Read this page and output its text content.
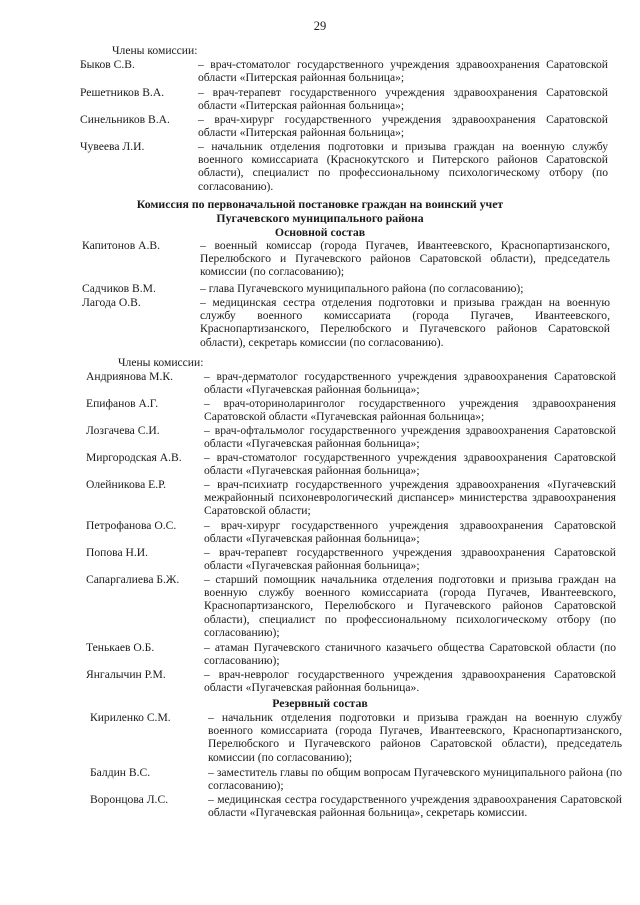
29
Члены комиссии:
Быков С.В.	– врач-стоматолог государственного учреждения здравоохранения Саратовской области «Питерская районная больница»;
Решетников В.А.	– врач-терапевт государственного учреждения здравоохранения Саратовской области «Питерская районная больница»;
Синельников В.А. – врач-хирург государственного учреждения здравоохранения Саратовской области «Питерская районная больница»;
Чувеева Л.И.	– начальник отделения подготовки и призыва граждан на военную службу военного комиссариата (Краснокутского и Питерского районов Саратовской области), специалист по профессиональному психологическому отбору (по согласованию).
Комиссия по первоначальной постановке граждан на воинский учет
Пугачевского муниципального района
Основной состав
Капитонов А.В.	– военный комиссар (города Пугачев, Ивантеевского, Краснопартизанского, Перелюбского и Пугачевского районов Саратовской области), председатель комиссии (по согласованию);
Садчиков В.М.	– глава Пугачевского муниципального района (по согласованию);
Лагода О.В.	– медицинская сестра отделения подготовки и призыва граждан на военную службу военного комиссариата (города Пугачев, Ивантеевского, Краснопартизанского, Перелюбского и Пугачевского районов Саратовской области), секретарь комиссии (по согласованию).
Члены комиссии:
Андриянова М.К.	– врач-дерматолог государственного учреждения здравоохранения Саратовской области «Пугачевская районная больница»;
Епифанов А.Г.	– врач-оториноларинголог государственного учреждения здравоохранения Саратовской области «Пугачевская районная больница»;
Лозгачева С.И.	– врач-офтальмолог государственного учреждения здравоохранения Саратовской области «Пугачевская районная больница»;
Миргородская А.В. – врач-стоматолог государственного учреждения здравоохранения Саратовской области «Пугачевская районная больница»;
Олейникова Е.Р.	– врач-психиатр государственного учреждения здравоохранения «Пугачевский межрайонный психоневрологический диспансер» министерства здравоохранения Саратовской области;
Петрофанова О.С. – врач-хирург государственного учреждения здравоохранения Саратовской области «Пугачевская районная больница»;
Попова Н.И.	– врач-терапевт государственного учреждения здравоохранения Саратовской области «Пугачевская районная больница»;
Сапаргалиева Б.Ж. – старший помощник начальника отделения подготовки и призыва граждан на военную службу военного комиссариата (города Пугачев, Ивантеевского, Краснопартизанского, Перелюбского и Пугачевского районов Саратовской области), специалист по профессиональному психологическому отбору (по согласованию);
Тенькаев О.Б.	– атаман Пугачевского станичного казачьего общества Саратовской области (по согласованию);
Янгалычин Р.М.	– врач-невролог государственного учреждения здравоохранения Саратовской области «Пугачевская районная больница».
Резервный состав
Кириленко С.М.	– начальник отделения подготовки и призыва граждан на военную службу военного комиссариата (города Пугачев, Ивантеевского, Краснопартизанского, Перелюбского и Пугачевского районов Саратовской области), председатель комиссии (по согласованию);
Балдин В.С.	– заместитель главы по общим вопросам Пугачевского муниципального района (по согласованию);
Воронцова Л.С.	– медицинская сестра государственного учреждения здравоохранения Саратовской области «Пугачевская районная больница», секретарь комиссии.
